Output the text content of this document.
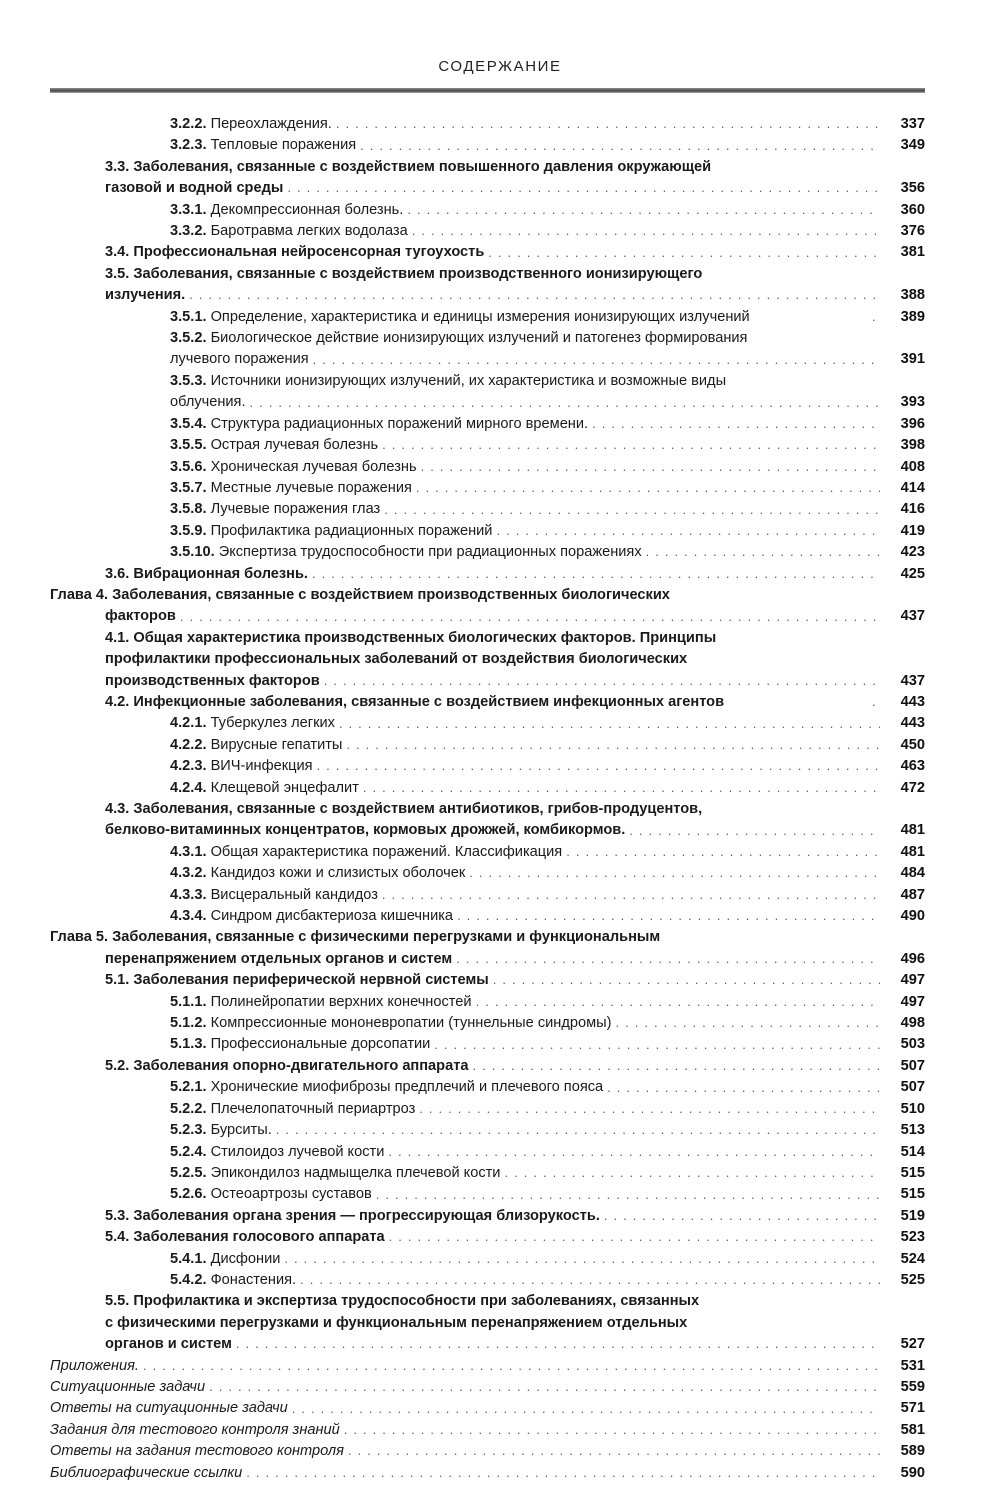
СОДЕРЖАНИЕ
3.2.2. Переохлаждения. . . .	337
3.2.3. Тепловые поражения . . .	349
3.3. Заболевания, связанные с воздействием повышенного давления окружающей
газовой и водной среды . . .	356
3.3.1. Декомпрессионная болезнь. . . .	360
3.3.2. Баротравма легких водолаза . . .	376
3.4. Профессиональная нейросенсорная тугоухость . . .	381
3.5. Заболевания, связанные с воздействием производственного ионизирующего
излучения. . . .	388
3.5.1. Определение, характеристика и единицы измерения ионизирующих излучений . . .	389
3.5.2. Биологическое действие ионизирующих излучений и патогенез формирования
лучевого поражения . . .	391
3.5.3. Источники ионизирующих излучений, их характеристика и возможные виды
облучения. . . .	393
3.5.4. Структура радиационных поражений мирного времени. . . .	396
3.5.5. Острая лучевая болезнь . . .	398
3.5.6. Хроническая лучевая болезнь . . .	408
3.5.7. Местные лучевые поражения . . .	414
3.5.8. Лучевые поражения глаз . . .	416
3.5.9. Профилактика радиационных поражений . . .	419
3.5.10. Экспертиза трудоспособности при радиационных поражениях . . .	423
3.6. Вибрационная болезнь. . . .	425
Глава 4. Заболевания, связанные с воздействием производственных биологических
факторов . . .	437
4.1. Общая характеристика производственных биологических факторов. Принципы
профилактики профессиональных заболеваний от воздействия биологических
производственных факторов . . .	437
4.2. Инфекционные заболевания, связанные с воздействием инфекционных агентов . . .	443
4.2.1. Туберкулез легких . . .	443
4.2.2. Вирусные гепатиты . . .	450
4.2.3. ВИЧ-инфекция . . .	463
4.2.4. Клещевой энцефалит . . .	472
4.3. Заболевания, связанные с воздействием антибиотиков, грибов-продуцентов,
белково-витаминных концентратов, кормовых дрожжей, комбикормов. . . .	481
4.3.1. Общая характеристика поражений. Классификация . . .	481
4.3.2. Кандидоз кожи и слизистых оболочек . . .	484
4.3.3. Висцеральный кандидоз . . .	487
4.3.4. Синдром дисбактериоза кишечника . . .	490
Глава 5. Заболевания, связанные с физическими перегрузками и функциональным
перенапряжением отдельных органов и систем . . .	496
5.1. Заболевания периферической нервной системы . . .	497
5.1.1. Полинейропатии верхних конечностей . . .	497
5.1.2. Компрессионные мононевропатии (туннельные синдромы) . . .	498
5.1.3. Профессиональные дорсопатии . . .	503
5.2. Заболевания опорно-двигательного аппарата . . .	507
5.2.1. Хронические миофиброзы предплечий и плечевого пояса . . .	507
5.2.2. Плечелопаточный периартроз . . .	510
5.2.3. Бурситы. . . .	513
5.2.4. Стилоидоз лучевой кости . . .	514
5.2.5. Эпикондилоз надмыщелка плечевой кости . . .	515
5.2.6. Остеоартрозы суставов . . .	515
5.3. Заболевания органа зрения — прогрессирующая близорукость. . . .	519
5.4. Заболевания голосового аппарата . . .	523
5.4.1. Дисфонии . . .	524
5.4.2. Фонастения. . . .	525
5.5. Профилактика и экспертиза трудоспособности при заболеваниях, связанных
с физическими перегрузками и функциональным перенапряжением отдельных
органов и систем . . .	527
Приложения. . . .	531
Ситуационные задачи . . .	559
Ответы на ситуационные задачи . . .	571
Задания для тестового контроля знаний . . .	581
Ответы на задания тестового контроля . . .	589
Библиографические ссылки . . .	590
